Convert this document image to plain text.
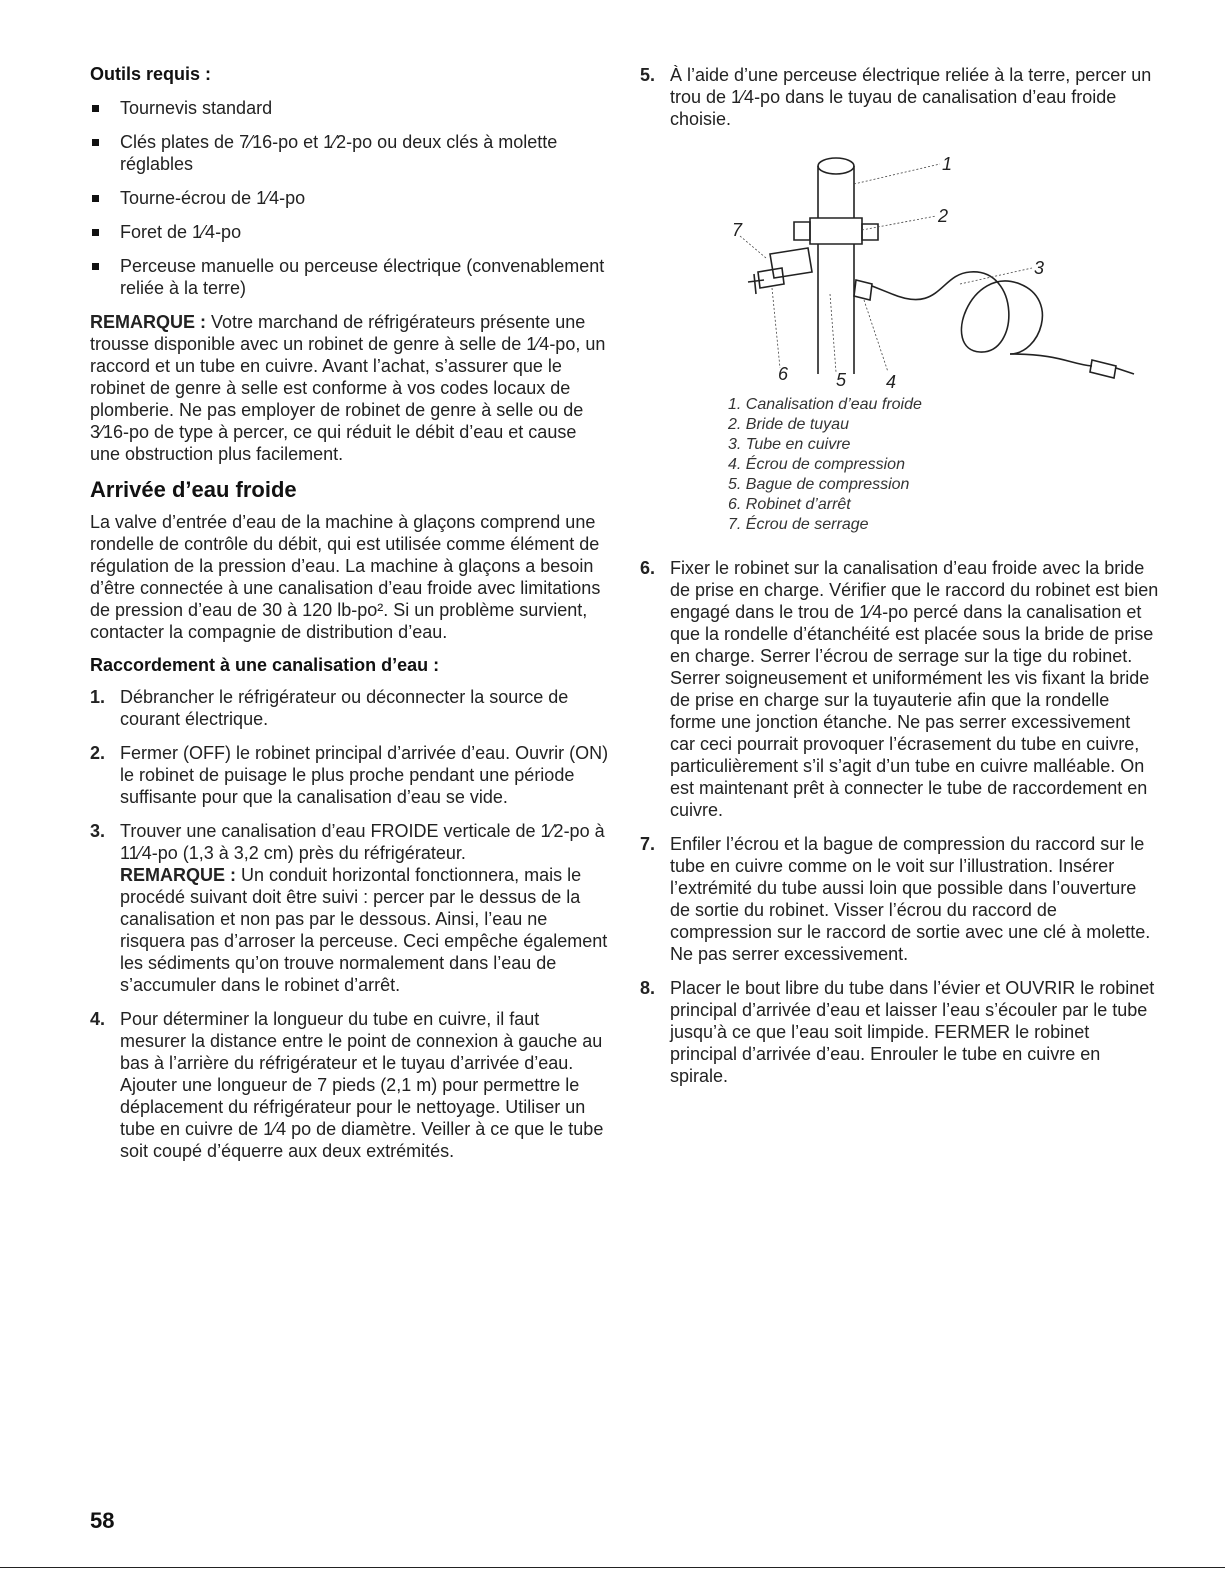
Outils requis :
Tournevis standard
Clés plates de 7⁄16-po et 1⁄2-po ou deux clés à molette réglables
Tourne-écrou de 1⁄4-po
Foret de 1⁄4-po
Perceuse manuelle ou perceuse électrique (convenablement reliée à la terre)

REMARQUE : Votre marchand de réfrigérateurs présente une trousse disponible avec un robinet de genre à selle de 1⁄4-po, un raccord et un tube en cuivre. Avant l’achat, s’assurer que le robinet de genre à selle est conforme à vos codes locaux de plomberie. Ne pas employer de robinet de genre à selle ou de 3⁄16-po de type à percer, ce qui réduit le débit d’eau et cause une obstruction plus facilement.

Arrivée d’eau froide

La valve d’entrée d’eau de la machine à glaçons comprend une rondelle de contrôle du débit, qui est utilisée comme élément de régulation de la pression d’eau. La machine à glaçons a besoin d’être connectée à une canalisation d’eau froide avec limitations de pression d’eau de 30 à 120 lb-po². Si un problème survient, contacter la compagnie de distribution d’eau.

Raccordement à une canalisation d’eau :
1. Débrancher le réfrigérateur ou déconnecter la source de courant électrique.
2. Fermer (OFF) le robinet principal d’arrivée d’eau. Ouvrir (ON) le robinet de puisage le plus proche pendant une période suffisante pour que la canalisation d’eau se vide.
3. Trouver une canalisation d’eau FROIDE verticale de 1⁄2-po à 11⁄4-po (1,3 à 3,2 cm) près du réfrigérateur.

REMARQUE : Un conduit horizontal fonctionnera, mais le procédé suivant doit être suivi : percer par le dessus de la canalisation et non pas par le dessous. Ainsi, l’eau ne risquera pas d’arroser la perceuse. Ceci empêche également les sédiments qu’on trouve normalement dans l’eau de s’accumuler dans le robinet d’arrêt.

4. Pour déterminer la longueur du tube en cuivre, il faut mesurer la distance entre le point de connexion à gauche au bas à l’arrière du réfrigérateur et le tuyau d’arrivée d’eau. Ajouter une longueur de 7 pieds (2,1 m) pour permettre le déplacement du réfrigérateur pour le nettoyage. Utiliser un tube en cuivre de 1⁄4 po de diamètre. Veiller à ce que le tube soit coupé d’équerre aux deux extrémités.
5. À l’aide d’une perceuse électrique reliée à la terre, percer un trou de 1⁄4-po dans le tuyau de canalisation d’eau froide choisie.
1
2
3
4
5
6
7
1. Canalisation d’eau froide
2. Bride de tuyau
3. Tube en cuivre
4. Écrou de compression
5. Bague de compression
6. Robinet d’arrêt
7. Écrou de serrage
6. Fixer le robinet sur la canalisation d’eau froide avec la bride de prise en charge. Vérifier que le raccord du robinet est bien engagé dans le trou de 1⁄4-po percé dans la canalisation et que la rondelle d’étanchéité est placée sous la bride de prise en charge. Serrer l’écrou de serrage sur la tige du robinet. Serrer soigneusement et uniformément les vis fixant la bride de prise en charge sur la tuyauterie afin que la rondelle forme une jonction étanche. Ne pas serrer excessivement car ceci pourrait provoquer l’écrasement du tube en cuivre, particulièrement s’il s’agit d’un tube en cuivre malléable. On est maintenant prêt à connecter le tube de raccordement en cuivre.
7. Enfiler l’écrou et la bague de compression du raccord sur le tube en cuivre comme on le voit sur l’illustration. Insérer l’extrémité du tube aussi loin que possible dans l’ouverture de sortie du robinet. Visser l’écrou du raccord de compression sur le raccord de sortie avec une clé à molette. Ne pas serrer excessivement.
8. Placer le bout libre du tube dans l’évier et OUVRIR le robinet principal d’arrivée d’eau et laisser l’eau s’écouler par le tube jusqu’à ce que l’eau soit limpide. FERMER le robinet principal d’arrivée d’eau. Enrouler le tube en cuivre en spirale.
58
